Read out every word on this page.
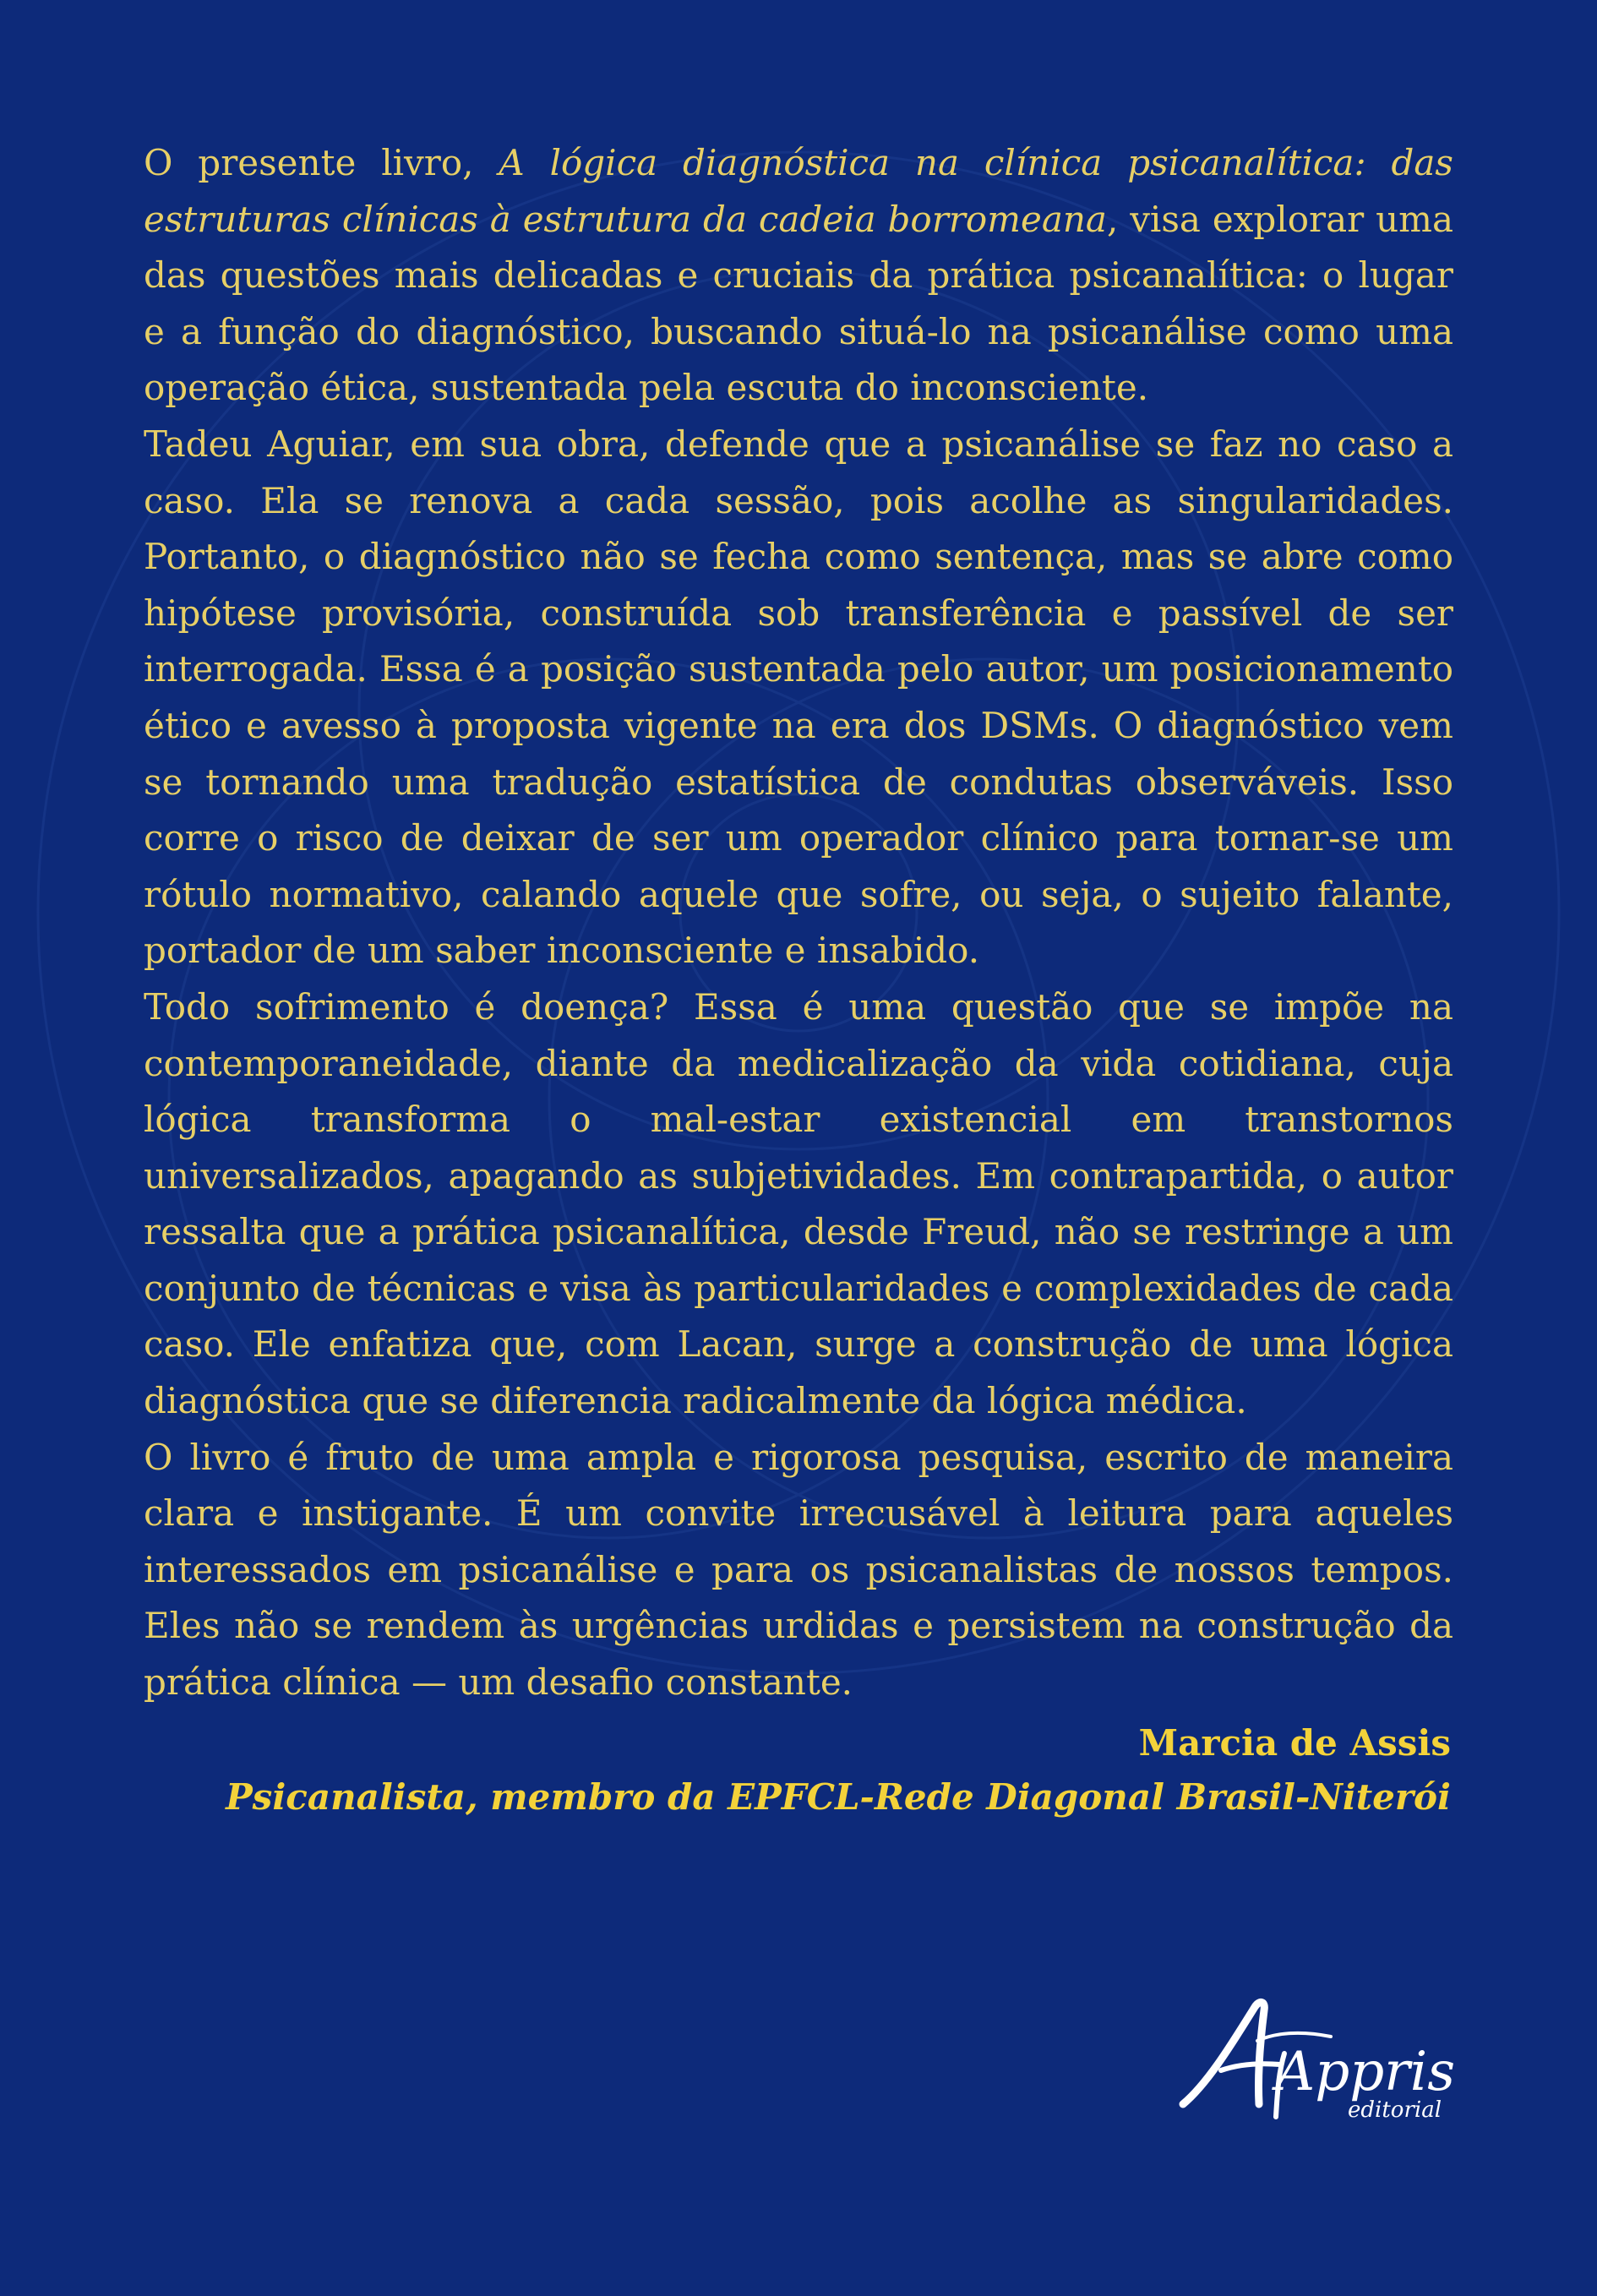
O presente livro, A lógica diagnóstica na clínica psicanalítica: das estruturas clínicas à estrutura da cadeia borromeana, visa explorar uma das questões mais delicadas e cruciais da prática psicanalítica: o lugar e a função do diagnóstico, buscando situá-lo na psicanálise como uma operação ética, sustentada pela escuta do inconsciente.

Tadeu Aguiar, em sua obra, defende que a psicanálise se faz no caso a caso. Ela se renova a cada sessão, pois acolhe as singularidades. Portanto, o diagnóstico não se fecha como sentença, mas se abre como hipótese provisória, construída sob transferência e passível de ser interrogada. Essa é a posição sustentada pelo autor, um posicionamento ético e avesso à proposta vigente na era dos DSMs. O diagnóstico vem se tornando uma tradução estatística de condutas observáveis. Isso corre o risco de deixar de ser um operador clínico para tornar-se um rótulo normativo, calando aquele que sofre, ou seja, o sujeito falante, portador de um saber inconsciente e insabido.

Todo sofrimento é doença? Essa é uma questão que se impõe na contemporaneidade, diante da medicalização da vida cotidiana, cuja lógica transforma o mal-estar existencial em transtornos universalizados, apagando as subjetividades. Em contrapartida, o autor ressalta que a prática psicanalítica, desde Freud, não se restringe a um conjunto de técnicas e visa às particularidades e complexidades de cada caso. Ele enfatiza que, com Lacan, surge a construção de uma lógica diagnóstica que se diferencia radicalmente da lógica médica.

O livro é fruto de uma ampla e rigorosa pesquisa, escrito de maneira clara e instigante. É um convite irrecusável à leitura para aqueles interessados em psicanálise e para os psicanalistas de nossos tempos. Eles não se rendem às urgências urdidas e persistem na construção da prática clínica — um desafio constante.

Marcia de Assis
Psicanalista, membro da EPFCL-Rede Diagonal Brasil-Niterói
Appris
editorial
